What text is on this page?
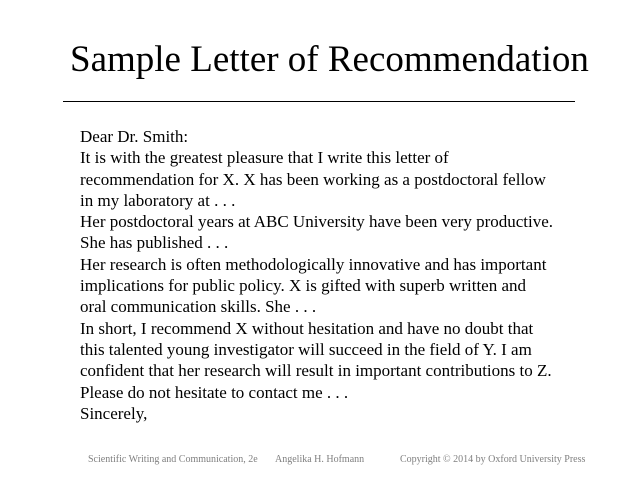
Sample Letter of Recommendation
Dear Dr. Smith:
It is with the greatest pleasure that I write this letter of
recommendation for X. X has been working as a postdoctoral fellow
in my laboratory at . . .
Her postdoctoral years at ABC University have been very productive.
She has published . . .
Her research is often methodologically innovative and has important
implications for public policy. X is gifted with superb written and
oral communication skills. She . . .
In short, I recommend X without hesitation and have no doubt that
this talented young investigator will succeed in the field of Y. I am
confident that her research will result in important contributions to Z.
Please do not hesitate to contact me . . .
Sincerely,
Scientific Writing and Communication, 2e Angelika H. Hofmann	Copyright © 2014 by Oxford University Press
